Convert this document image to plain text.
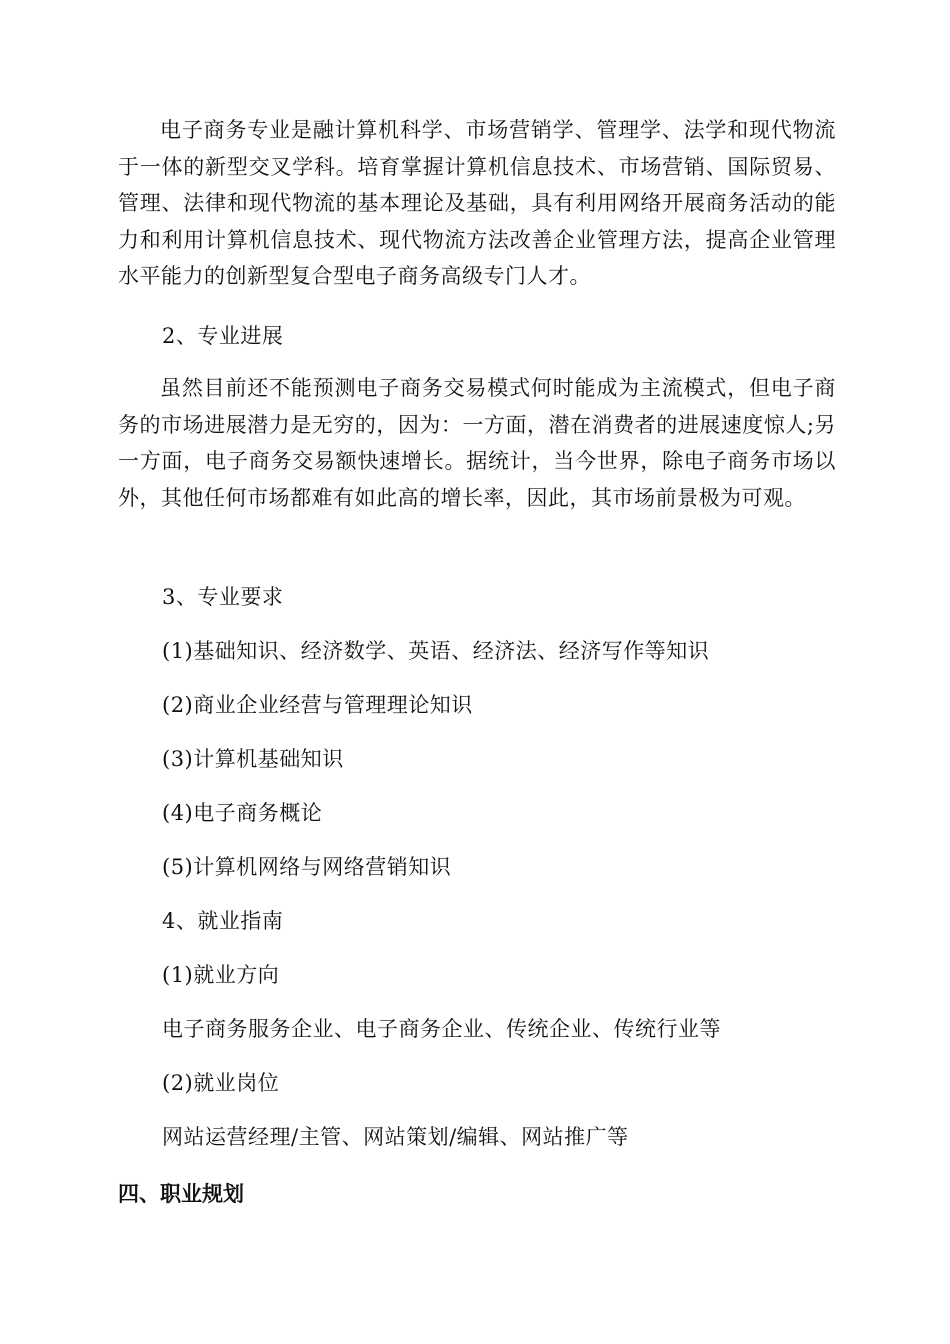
电子商务专业是融计算机科学、市场营销学、管理学、法学和现代物流于一体的新型交叉学科。培育掌握计算机信息技术、市场营销、国际贸易、管理、法律和现代物流的基本理论及基础，具有利用网络开展商务活动的能力和利用计算机信息技术、现代物流方法改善企业管理方法，提高企业管理水平能力的创新型复合型电子商务高级专门人才。

2、专业进展

虽然目前还不能预测电子商务交易模式何时能成为主流模式，但电子商务的市场进展潜力是无穷的，因为：一方面，潜在消费者的进展速度惊人;另一方面，电子商务交易额快速增长。据统计，当今世界，除电子商务市场以外，其他任何市场都难有如此高的增长率，因此，其市场前景极为可观。

3、专业要求

(1)基础知识、经济数学、英语、经济法、经济写作等知识

(2)商业企业经营与管理理论知识

(3)计算机基础知识

(4)电子商务概论

(5)计算机网络与网络营销知识

4、就业指南

(1)就业方向

电子商务服务企业、电子商务企业、传统企业、传统行业等

(2)就业岗位

网站运营经理/主管、网站策划/编辑、网站推广等

四、职业规划
